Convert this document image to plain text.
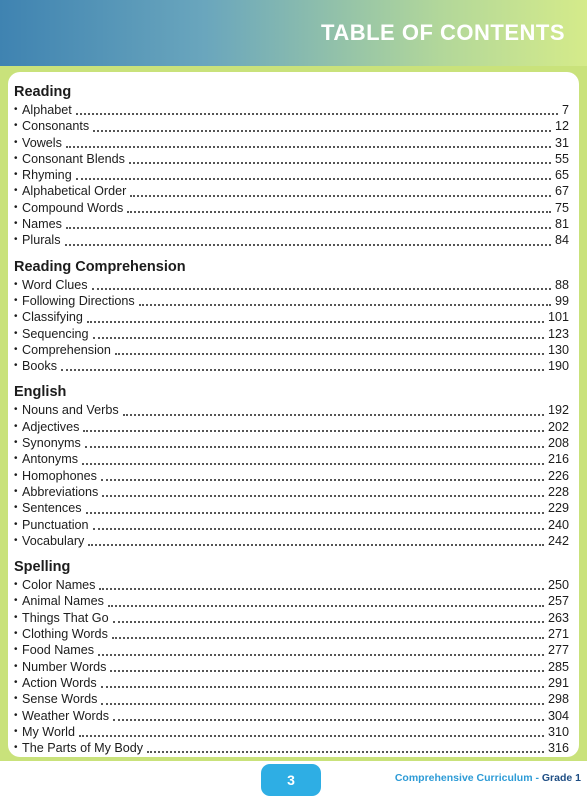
TABLE OF CONTENTS
Reading
• Alphabet	7
• Consonants	12
• Vowels	31
• Consonant Blends	55
• Rhyming	65
• Alphabetical Order	67
• Compound Words	75
• Names	81
• Plurals	84
Reading Comprehension
• Word Clues	88
• Following Directions	99
• Classifying	101
• Sequencing	123
• Comprehension	130
• Books	190
English
• Nouns and Verbs	192
• Adjectives	202
• Synonyms	208
• Antonyms	216
• Homophones	226
• Abbreviations	228
• Sentences	229
• Punctuation	240
• Vocabulary	242
Spelling
• Color Names	250
• Animal Names	257
• Things That Go	263
• Clothing Words	271
• Food Names	277
• Number Words	285
• Action Words	291
• Sense Words	298
• Weather Words	304
• My World	310
• The Parts of My Body	316
3	Comprehensive Curriculum - Grade 1
